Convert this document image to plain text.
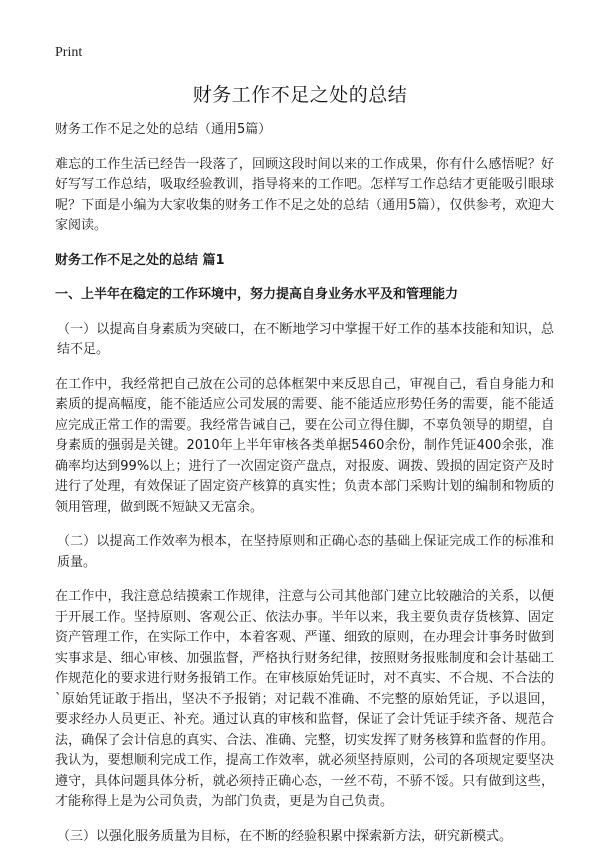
Print
财务工作不足之处的总结

财务工作不足之处的总结（通用5篇）

难忘的工作生活已经告一段落了，回顾这段时间以来的工作成果，你有什么感悟呢？好好写写工作总结，吸取经验教训，指导将来的工作吧。怎样写工作总结才更能吸引眼球呢？下面是小编为大家收集的财务工作不足之处的总结（通用5篇），仅供参考，欢迎大家阅读。

财务工作不足之处的总结 篇1

一、上半年在稳定的工作环境中，努力提高自身业务水平及和管理能力

（一）以提高自身素质为突破口，在不断地学习中掌握干好工作的基本技能和知识，总结不足。

在工作中，我经常把自己放在公司的总体框架中来反思自己，审视自己，看自身能力和素质的提高幅度，能不能适应公司发展的需要、能不能适应形势任务的需要，能不能适应完成正常工作的需要。我经常告诫自己，要在公司立得住脚，不辜负领导的期望，自身素质的强弱是关键。2010年上半年审核各类单据5460余份，制作凭证400余张，准确率均达到99%以上；进行了一次固定资产盘点，对报废、调拨、毁损的固定资产及时进行了处理，有效保证了固定资产核算的真实性；负责本部门采购计划的编制和物质的领用管理，做到既不短缺又无富余。

（二）以提高工作效率为根本，在坚持原则和正确心态的基础上保证完成工作的标准和质量。

在工作中，我注意总结摸索工作规律，注意与公司其他部门建立比较融洽的关系，以便于开展工作。坚持原则、客观公正、依法办事。半年以来，我主要负责存货核算、固定资产管理工作，在实际工作中，本着客观、严谨、细致的原则，在办理会计事务时做到实事求是、细心审核、加强监督，严格执行财务纪律，按照财务报账制度和会计基础工作规范化的要求进行财务报销工作。在审核原始凭证时，对不真实、不合规、不合法的`原始凭证敢于指出，坚决不予报销；对记载不准确、不完整的原始凭证，予以退回，要求经办人员更正、补充。通过认真的审核和监督，保证了会计凭证手续齐备、规范合法，确保了会计信息的真实、合法、准确、完整，切实发挥了财务核算和监督的作用。我认为，要想顺利完成工作，提高工作效率，就必须坚持原则，公司的各项规定要坚决遵守，具体问题具体分析，就必须持正确心态，一丝不苟，不骄不馁。只有做到这些，才能称得上是为公司负责，为部门负责，更是为自己负责。

（三）以强化服务质量为目标，在不断的经验积累中探索新方法，研究新模式。
